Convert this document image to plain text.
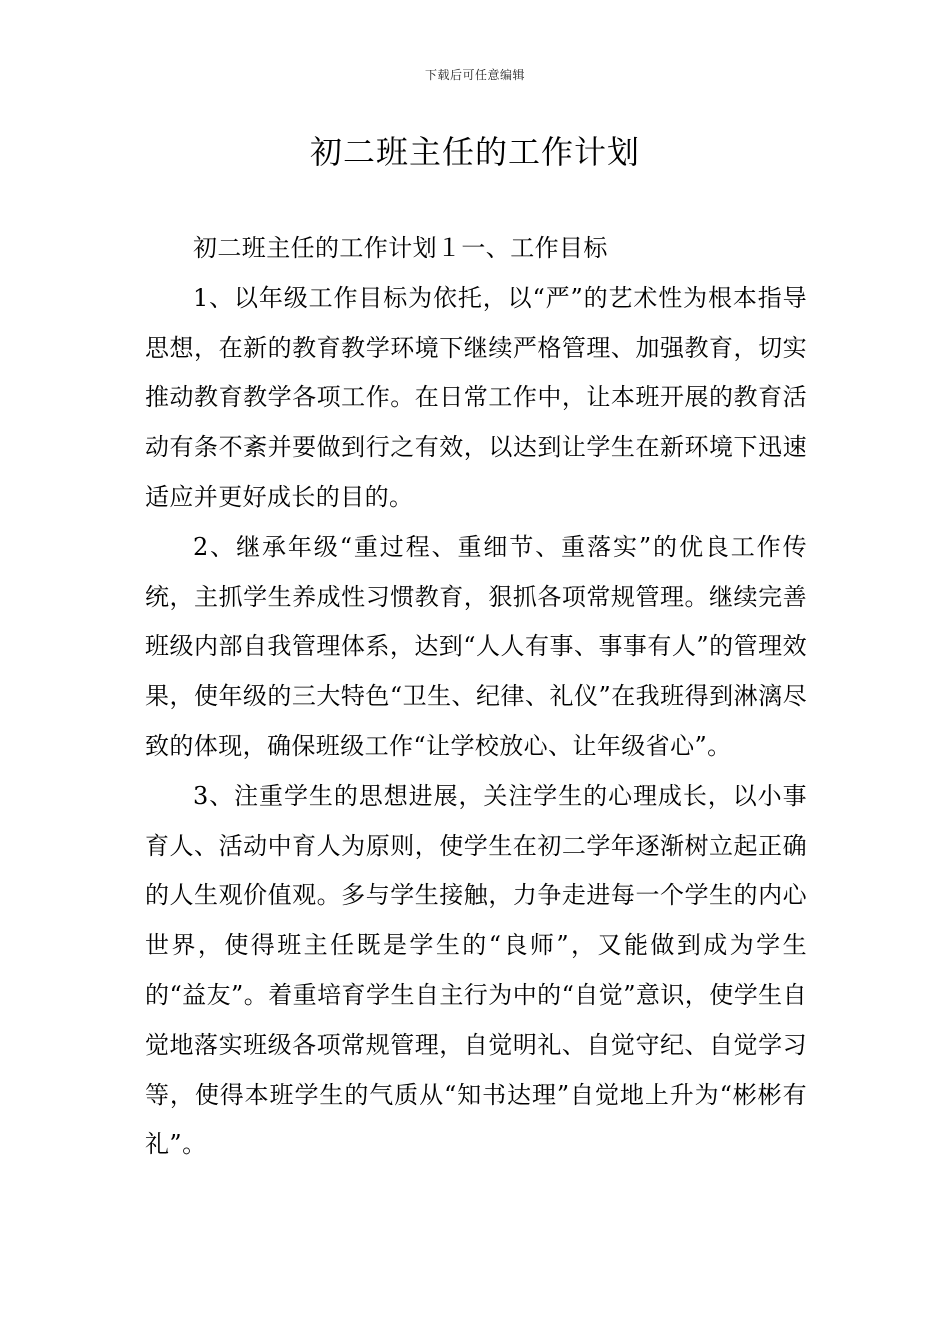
下载后可任意编辑
初二班主任的工作计划

初二班主任的工作计划１一、工作目标

1、以年级工作目标为依托，以“严”的艺术性为根本指导思想，在新的教育教学环境下继续严格管理、加强教育，切实推动教育教学各项工作。在日常工作中，让本班开展的教育活动有条不紊并要做到行之有效，以达到让学生在新环境下迅速适应并更好成长的目的。

2、继承年级“重过程、重细节、重落实”的优良工作传统，主抓学生养成性习惯教育，狠抓各项常规管理。继续完善班级内部自我管理体系，达到“人人有事、事事有人”的管理效果，使年级的三大特色“卫生、纪律、礼仪”在我班得到淋漓尽致的体现，确保班级工作“让学校放心、让年级省心”。

3、注重学生的思想进展，关注学生的心理成长，以小事育人、活动中育人为原则，使学生在初二学年逐渐树立起正确的人生观价值观。多与学生接触，力争走进每一个学生的内心世界，使得班主任既是学生的“良师”，又能做到成为学生的“益友”。着重培育学生自主行为中的“自觉”意识，使学生自觉地落实班级各项常规管理，自觉明礼、自觉守纪、自觉学习等，使得本班学生的气质从“知书达理”自觉地上升为“彬彬有礼”。
